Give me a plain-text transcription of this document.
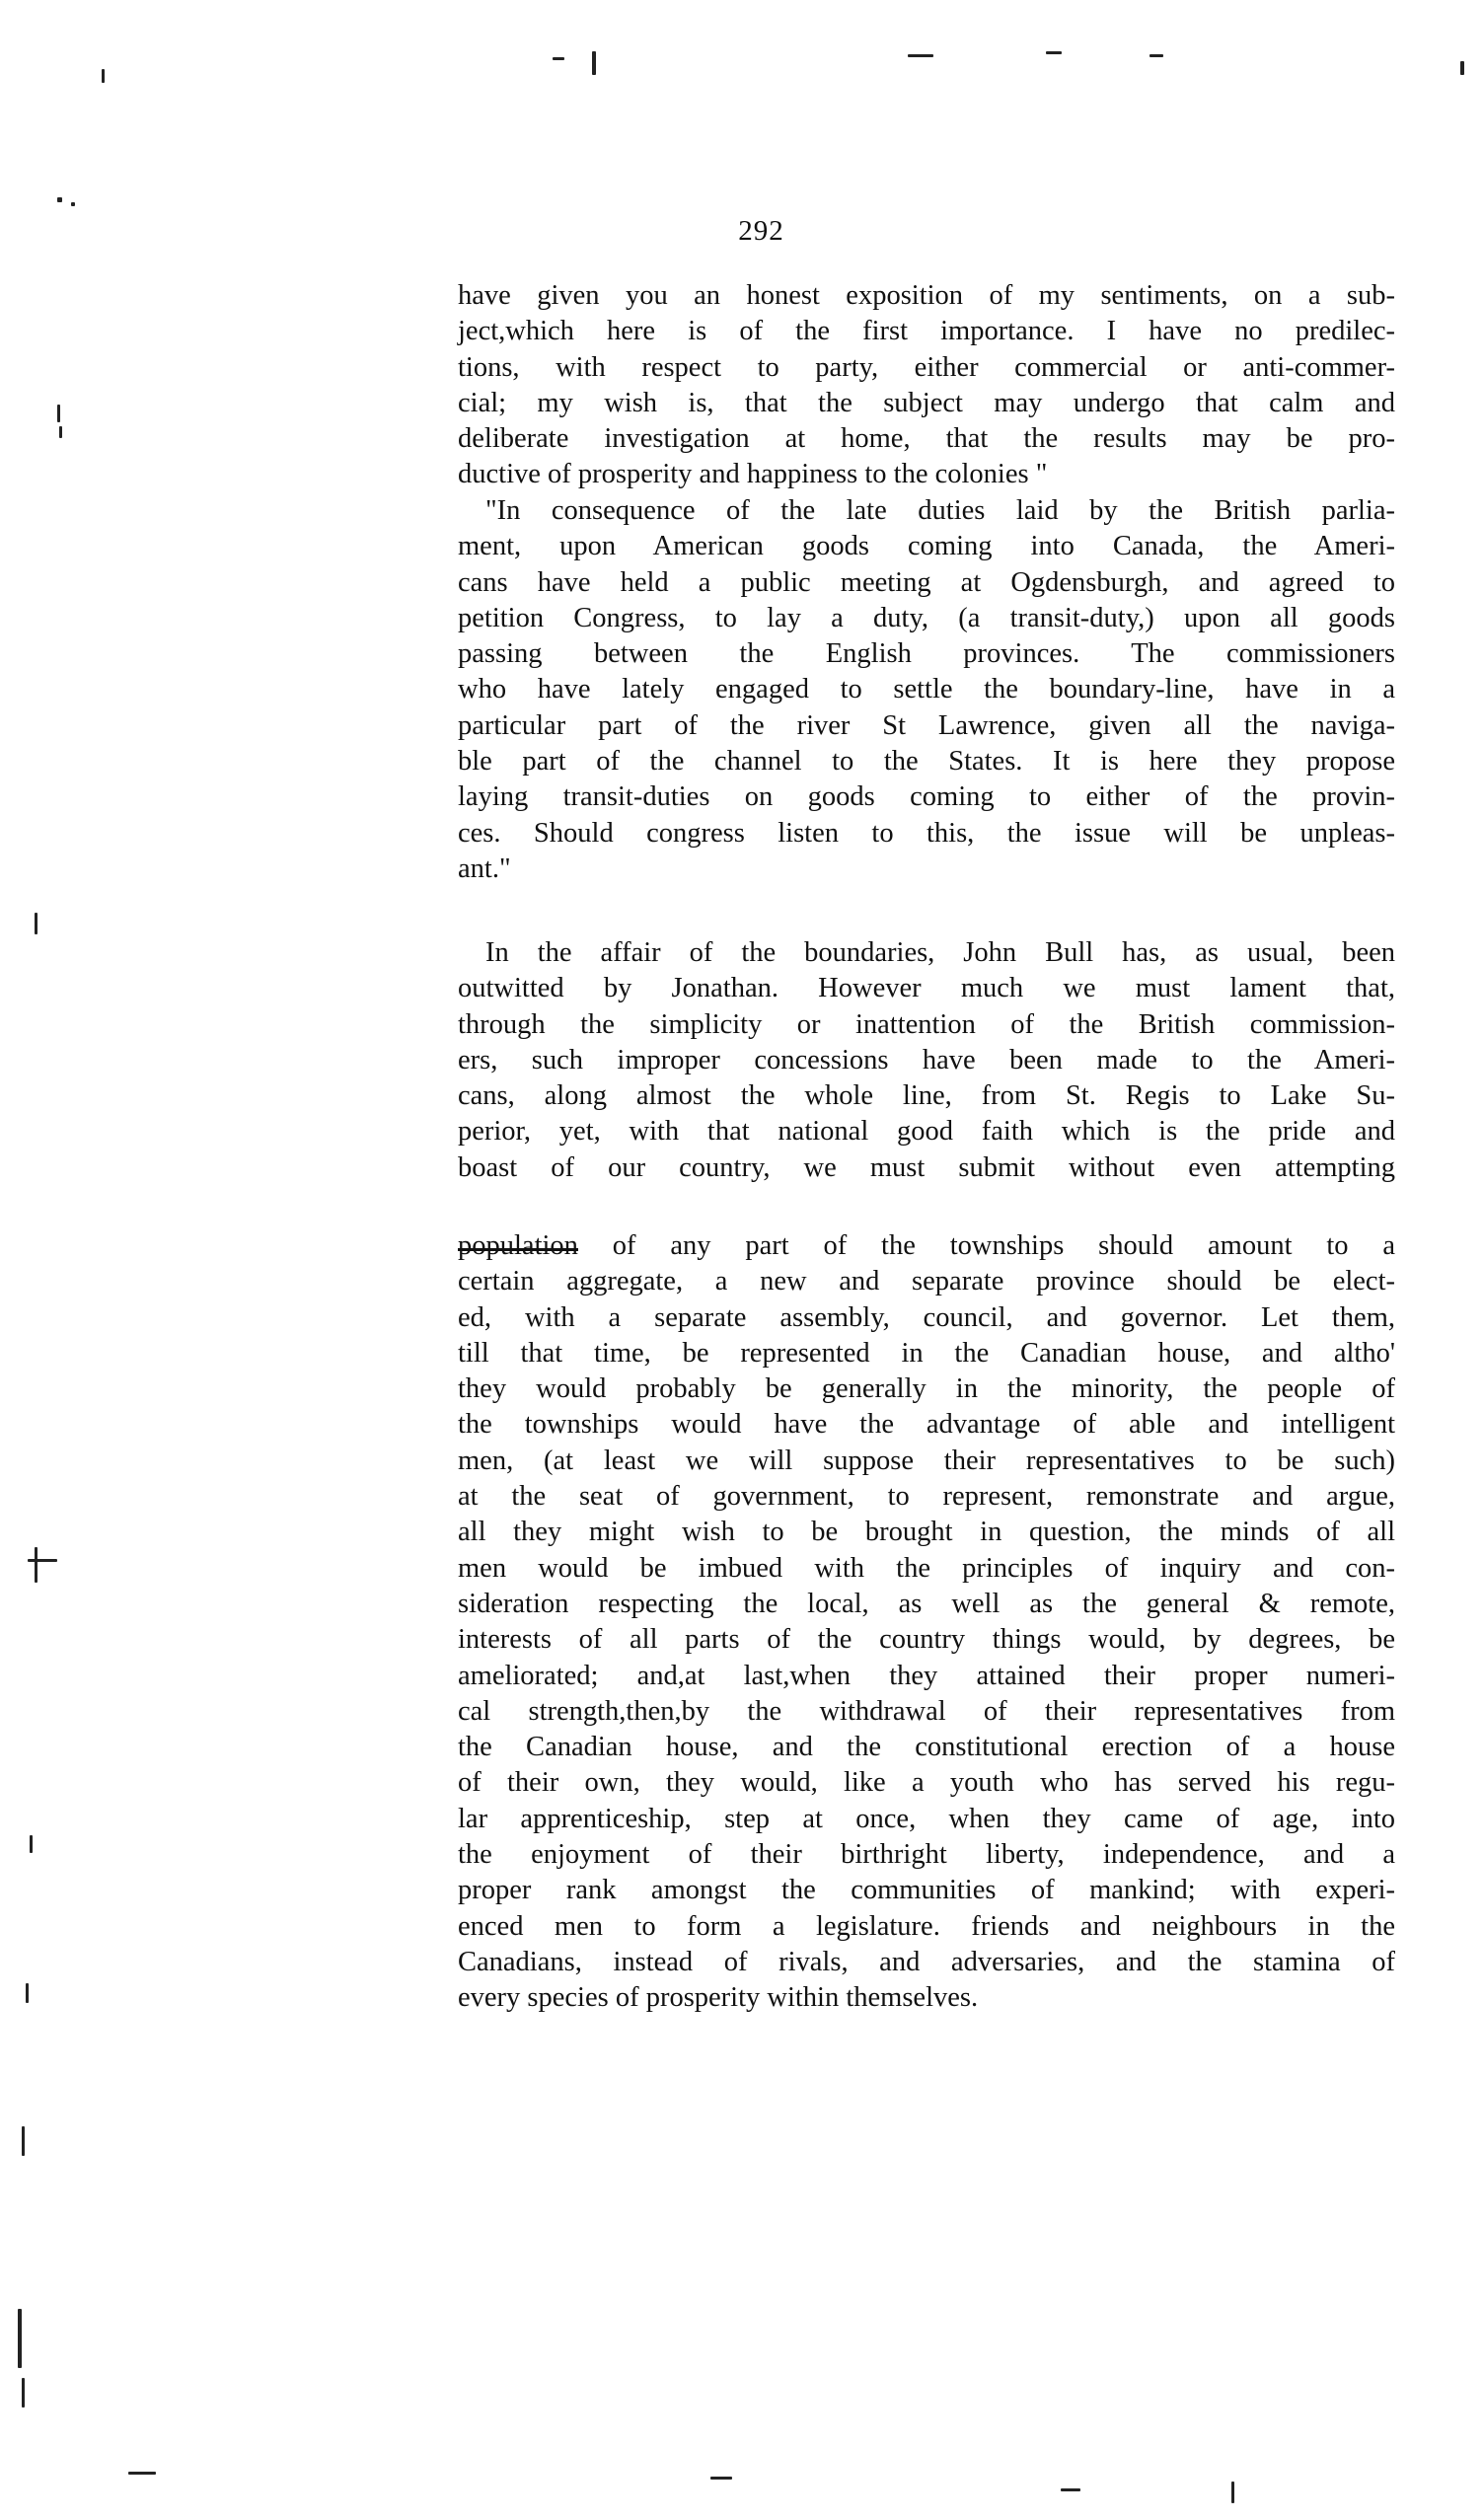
292
have given you an honest exposition of my sentiments, on a sub-
ject,which here is of the first importance. I have no predilec-
tions, with respect to party, either commercial or anti-commer-
cial; my wish is, that the subject may undergo that calm and
deliberate investigation at home, that the results may be pro-
ductive of prosperity and happiness to the colonies "
"In consequence of the late duties laid by the British parlia-
ment, upon American goods coming into Canada, the Ameri-
cans have held a public meeting at Ogdensburgh, and agreed to
petition Congress, to lay a duty, (a transit-duty,) upon all goods
passing between the English provinces. The commissioners
who have lately engaged to settle the boundary-line, have in a
particular part of the river St Lawrence, given all the naviga-
ble part of the channel to the States. It is here they propose
laying transit-duties on goods coming to either of the provin-
ces. Should congress listen to this, the issue will be unpleas-
ant."
In the affair of the boundaries, John Bull has, as usual, been
outwitted by Jonathan. However much we must lament that,
through the simplicity or inattention of the British commission-
ers, such improper concessions have been made to the Ameri-
cans, along almost the whole line, from St. Regis to Lake Su-
perior, yet, with that national good faith which is the pride and
boast of our country, we must submit without even attempting
population of any part of the townships should amount to a
certain aggregate, a new and separate province should be elect-
ed, with a separate assembly, council, and governor. Let them,
till that time, be represented in the Canadian house, and altho'
they would probably be generally in the minority, the people of
the townships would have the advantage of able and intelligent
men, (at least we will suppose their representatives to be such)
at the seat of government, to represent, remonstrate and argue,
all they might wish to be brought in question, the minds of all
men would be imbued with the principles of inquiry and con-
sideration respecting the local, as well as the general & remote,
interests of all parts of the country things would, by degrees, be
ameliorated; and,at last,when they attained their proper numeri-
cal strength,then,by the withdrawal of their representatives from
the Canadian house, and the constitutional erection of a house
of their own, they would, like a youth who has served his regu-
lar apprenticeship, step at once, when they came of age, into
the enjoyment of their birthright liberty, independence, and a
proper rank amongst the communities of mankind; with experi-
enced men to form a legislature. friends and neighbours in the
Canadians, instead of rivals, and adversaries, and the stamina of
every species of prosperity within themselves.
